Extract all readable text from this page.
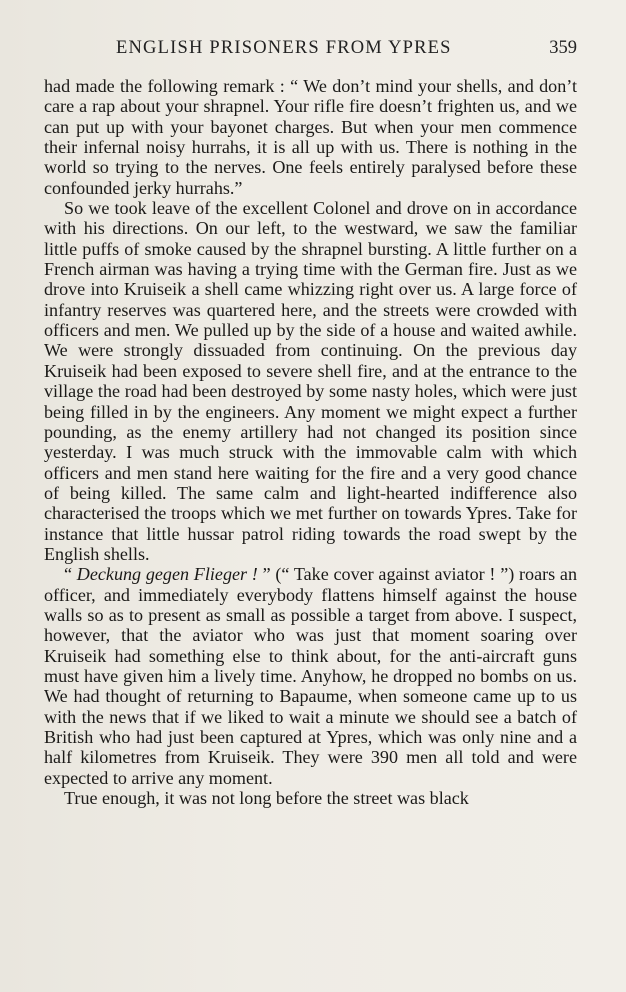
ENGLISH PRISONERS FROM YPRES	359

had made the following remark : “ We don’t mind your shells, and don’t care a rap about your shrapnel. Your rifle fire doesn’t frighten us, and we can put up with your bayonet charges. But when your men commence their infernal noisy hurrahs, it is all up with us. There is nothing in the world so trying to the nerves. One feels entirely paralysed before these confounded jerky hurrahs.”

So we took leave of the excellent Colonel and drove on in accordance with his directions. On our left, to the westward, we saw the familiar little puffs of smoke caused by the shrapnel bursting. A little further on a French airman was having a trying time with the German fire. Just as we drove into Kruiseik a shell came whizzing right over us. A large force of infantry reserves was quartered here, and the streets were crowded with officers and men. We pulled up by the side of a house and waited awhile. We were strongly dissuaded from continuing. On the previous day Kruiseik had been exposed to severe shell fire, and at the entrance to the village the road had been destroyed by some nasty holes, which were just being filled in by the engineers. Any moment we might expect a further pounding, as the enemy artillery had not changed its position since yesterday. I was much struck with the immovable calm with which officers and men stand here waiting for the fire and a very good chance of being killed. The same calm and light-hearted indifference also characterised the troops which we met further on towards Ypres. Take for instance that little hussar patrol riding towards the road swept by the English shells.

“ Deckung gegen Flieger ! ” (“ Take cover against aviator ! ”) roars an officer, and immediately everybody flattens himself against the house walls so as to present as small as possible a target from above. I suspect, however, that the aviator who was just that moment soaring over Kruiseik had something else to think about, for the anti-aircraft guns must have given him a lively time. Anyhow, he dropped no bombs on us. We had thought of returning to Bapaume, when someone came up to us with the news that if we liked to wait a minute we should see a batch of British who had just been captured at Ypres, which was only nine and a half kilometres from Kruiseik. They were 390 men all told and were expected to arrive any moment.

True enough, it was not long before the street was black
